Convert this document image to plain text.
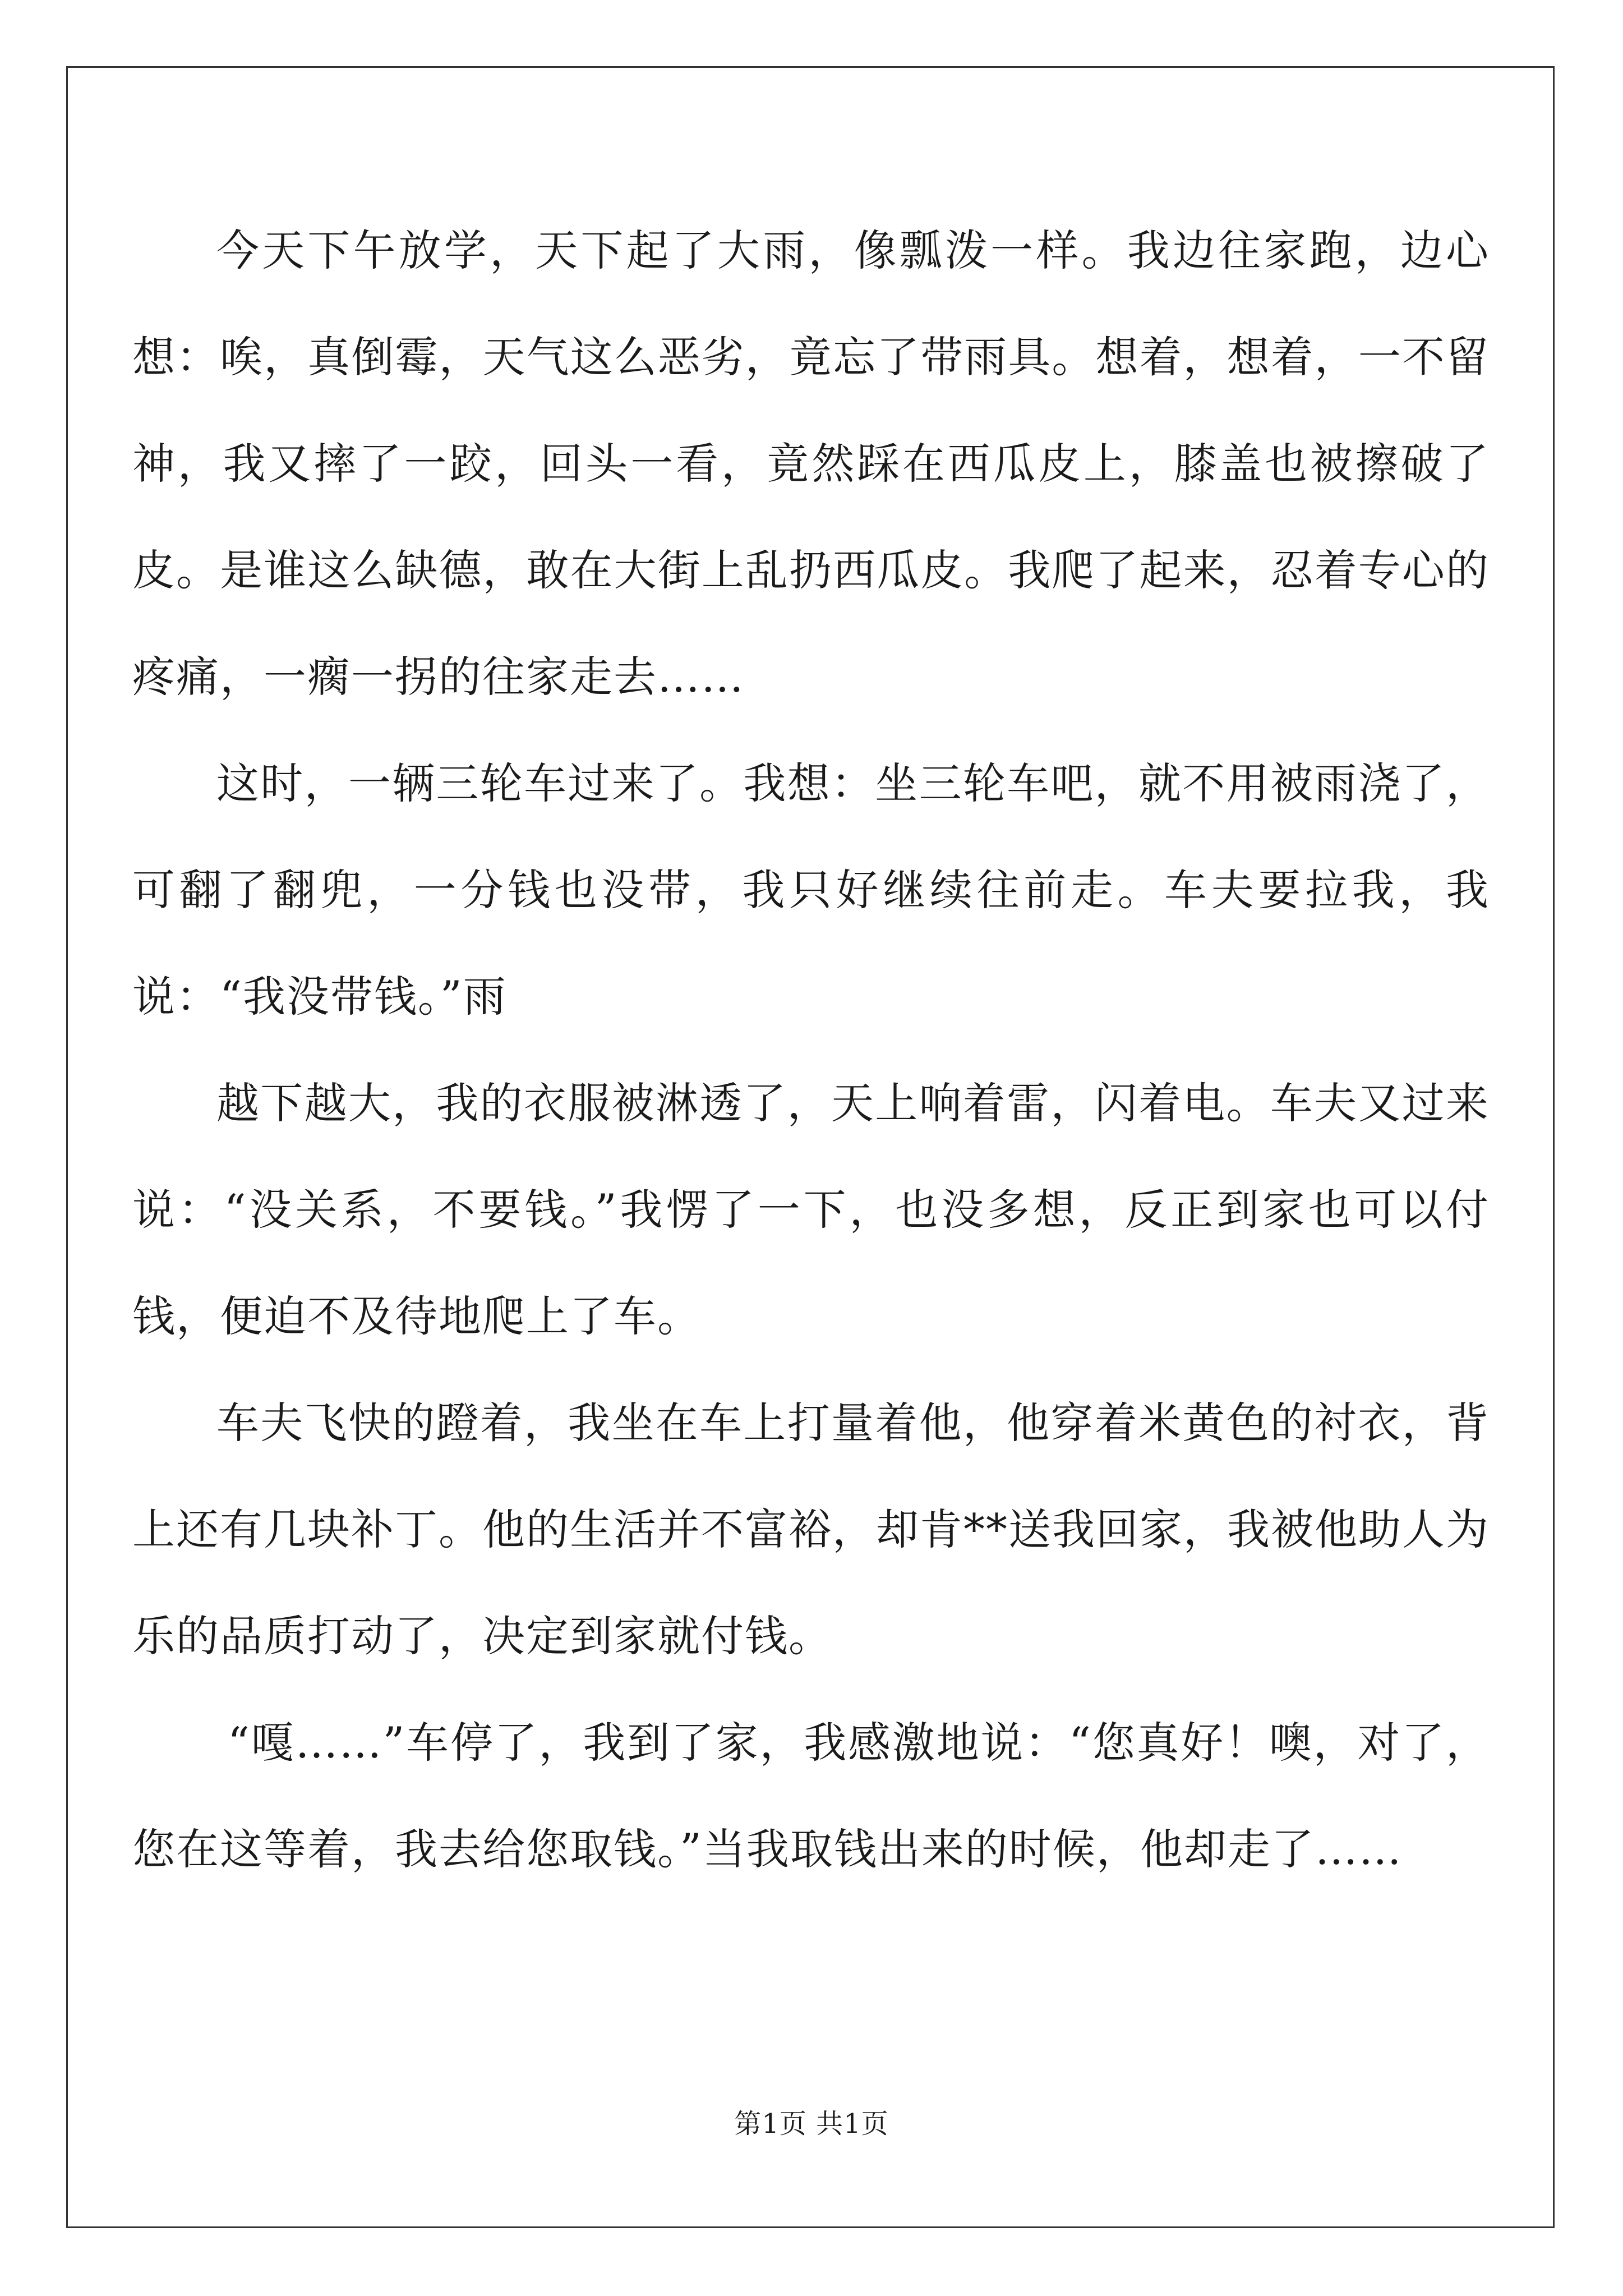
今天下午放学，天下起了大雨，像瓢泼一样。我边往家跑，边心想：唉，真倒霉，天气这么恶劣，竟忘了带雨具。想着，想着，一不留神，我又摔了一跤，回头一看，竟然踩在西瓜皮上，膝盖也被擦破了皮。是谁这么缺德，敢在大街上乱扔西瓜皮。我爬了起来，忍着专心的疼痛，一瘸一拐的往家走去……

这时，一辆三轮车过来了。我想：坐三轮车吧，就不用被雨浇了，可翻了翻兜，一分钱也没带，我只好继续往前走。车夫要拉我，我说：“我没带钱。”雨

越下越大，我的衣服被淋透了，天上响着雷，闪着电。车夫又过来说：“没关系，不要钱。”我愣了一下，也没多想，反正到家也可以付钱，便迫不及待地爬上了车。

车夫飞快的蹬着，我坐在车上打量着他，他穿着米黄色的衬衣，背上还有几块补丁。他的生活并不富裕，却肯**送我回家，我被他助人为乐的品质打动了，决定到家就付钱。

“嘎……”车停了，我到了家，我感激地说：“您真好！噢，对了，您在这等着，我去给您取钱。”当我取钱出来的时候，他却走了……

第1页 共1页
